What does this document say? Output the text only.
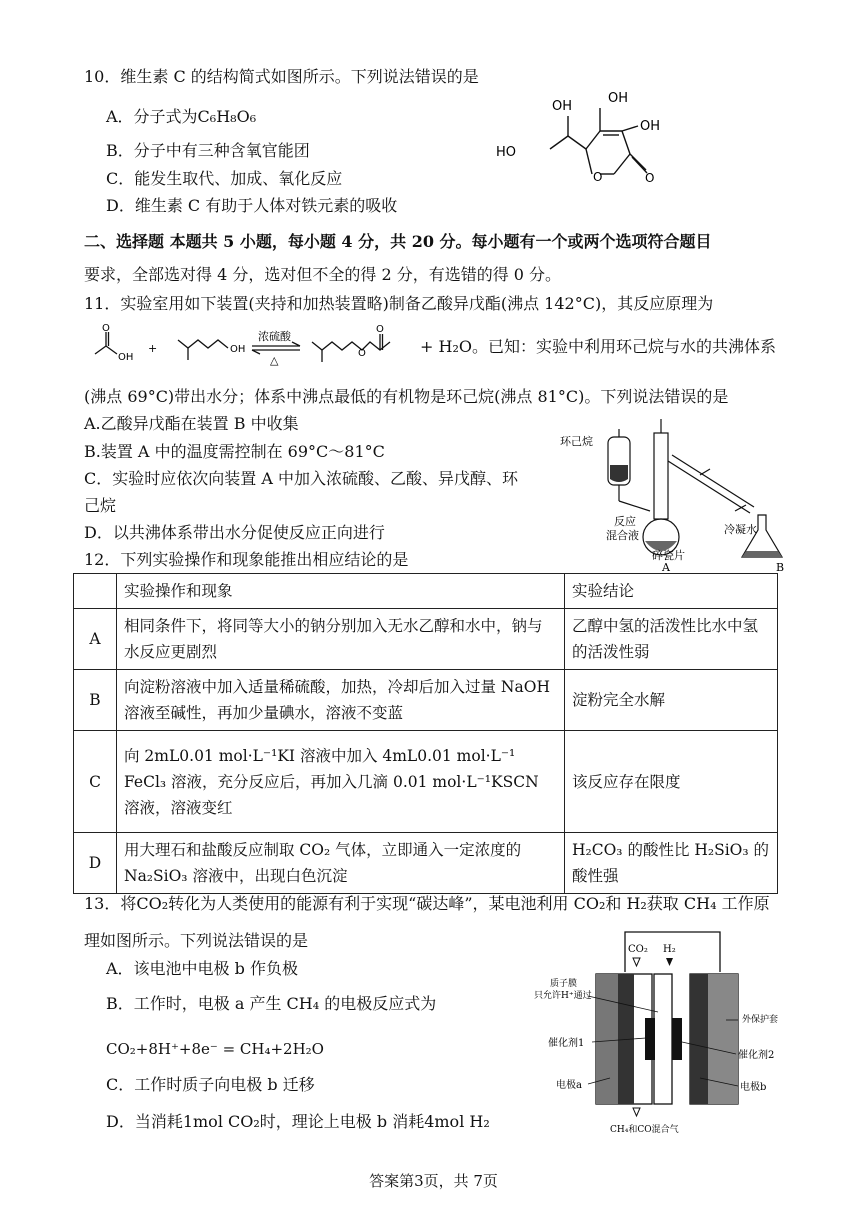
10．维生素 C 的结构简式如图所示。下列说法错误的是
A．分子式为C₆H₈O₆
B．分子中有三种含氧官能团
C．能发生取代、加成、氧化反应
D．维生素 C 有助于人体对铁元素的吸收
OH
OH
HO
OH
O	O
二、选择题 本题共 5 小题，每小题 4 分，共 20 分。每小题有一个或两个选项符合题目
要求，全部选对得 4 分，选对但不全的得 2 分，有选错的得 0 分。
11．实验室用如下装置(夹持和加热装置略)制备乙酸异戊酯(沸点 142°C)，其反应原理为
O
OH
+	OH
浓硫酸
△
O
O
+ H₂O。已知：实验中利用环己烷与水的共沸体系
(沸点 69°C)带出水分；体系中沸点最低的有机物是环己烷(沸点 81°C)。下列说法错误的是
A.乙酸异戊酯在装置 B 中收集
B.装置 A 中的温度需控制在 69°C～81°C
C．实验时应依次向装置 A 中加入浓硫酸、乙酸、异戊醇、环
己烷
D．以共沸体系带出水分促使反应正向进行
环己烷
反应
混合液
碎瓷片
冷凝水
A	B
12．下列实验操作和现象能推出相应结论的是
	实验操作和现象	实验结论
A	相同条件下，将同等大小的钠分别加入无水乙醇和水中，钠与水反应更剧烈	乙醇中氢的活泼性比水中氢的活泼性弱
B	向淀粉溶液中加入适量稀硫酸，加热，冷却后加入过量 NaOH 溶液至碱性，再加少量碘水，溶液不变蓝	淀粉完全水解
C	向 2mL0.01 mol·L⁻¹KI 溶液中加入 4mL0.01 mol·L⁻¹ FeCl₃ 溶液，充分反应后，再加入几滴 0.01 mol·L⁻¹KSCN 溶液，溶液变红	该反应存在限度
D	用大理石和盐酸反应制取 CO₂ 气体，立即通入一定浓度的 Na₂SiO₃ 溶液中，出现白色沉淀	H₂CO₃ 的酸性比 H₂SiO₃ 的酸性强
13．将CO₂转化为人类使用的能源有利于实现“碳达峰”，某电池利用 CO₂和 H₂获取 CH₄ 工作原
理如图所示。下列说法错误的是
A．该电池中电极 b 作负极
B．工作时，电极 a 产生 CH₄ 的电极反应式为
CO₂+8H⁺+8e⁻ = CH₄+2H₂O
C．工作时质子向电极 b 迁移
D．当消耗1mol CO₂时，理论上电极 b 消耗4mol H₂
CO₂ H₂
质子膜
只允许H⁺通过
催化剂1
电极a
外保护套
催化剂2
电极b
CH₄和CO混合气
答案第3页，共 7页
